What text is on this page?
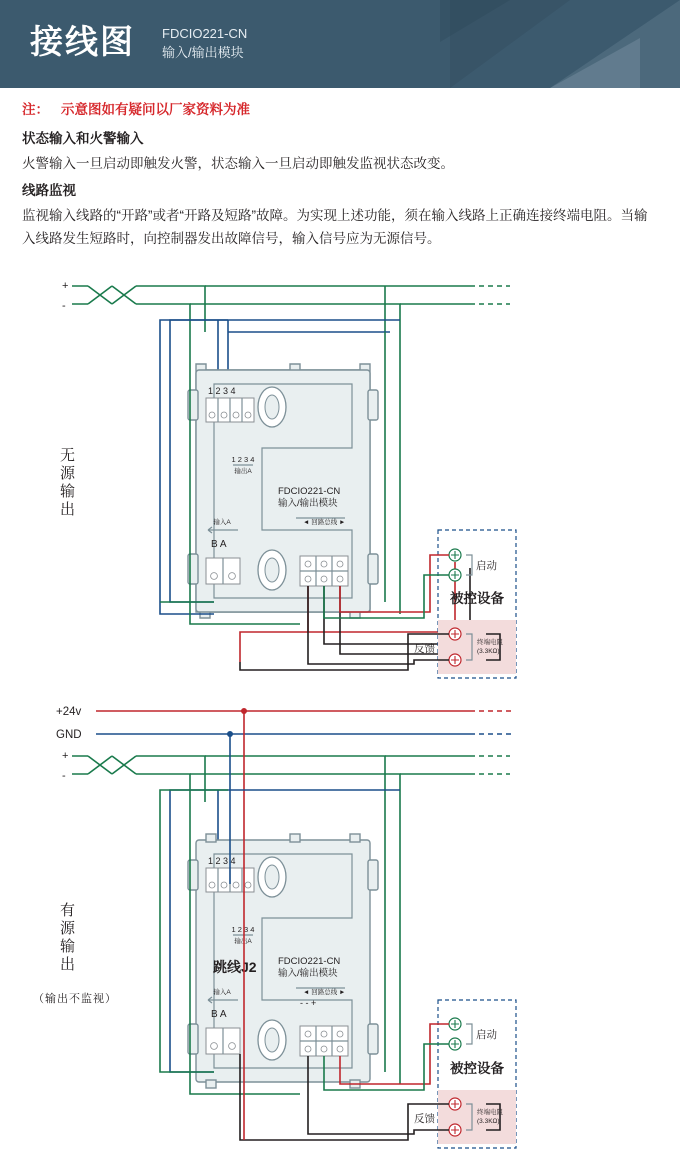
接线图 FDCIO221-CN
输入/输出模块
注： 示意图如有疑问以厂家资料为准
状态输入和火警输入
火警输入一旦启动即触发火警，状态输入一旦启动即触发监视状态改变。
线路监视
监视输入线路的“开路”或者“开路及短路”故障。为实现上述功能，须在输入线路上正确连接终端电阻。当输入线路发生短路时，向控制器发出故障信号，输入信号应为无源信号。
+
-
1 2 3 4
1 2 3 4
输出A
FDCIO221-CN
输入/输出模块
◄ 回路总线 ►
输入A
B A
启动
被控设备
反馈
终端电阻
(3.3KΩ)
+24v
GND
+
-
1 2 3 4
1 2 3 4
输出A
FDCIO221-CN
输入/输出模块
◄ 回路总线 ►
- - +
输入A
B A
跳线J2
启动
被控设备
反馈
终端电阻
(3.3KΩ)
无源输出
有源输出
（输出不监视）
